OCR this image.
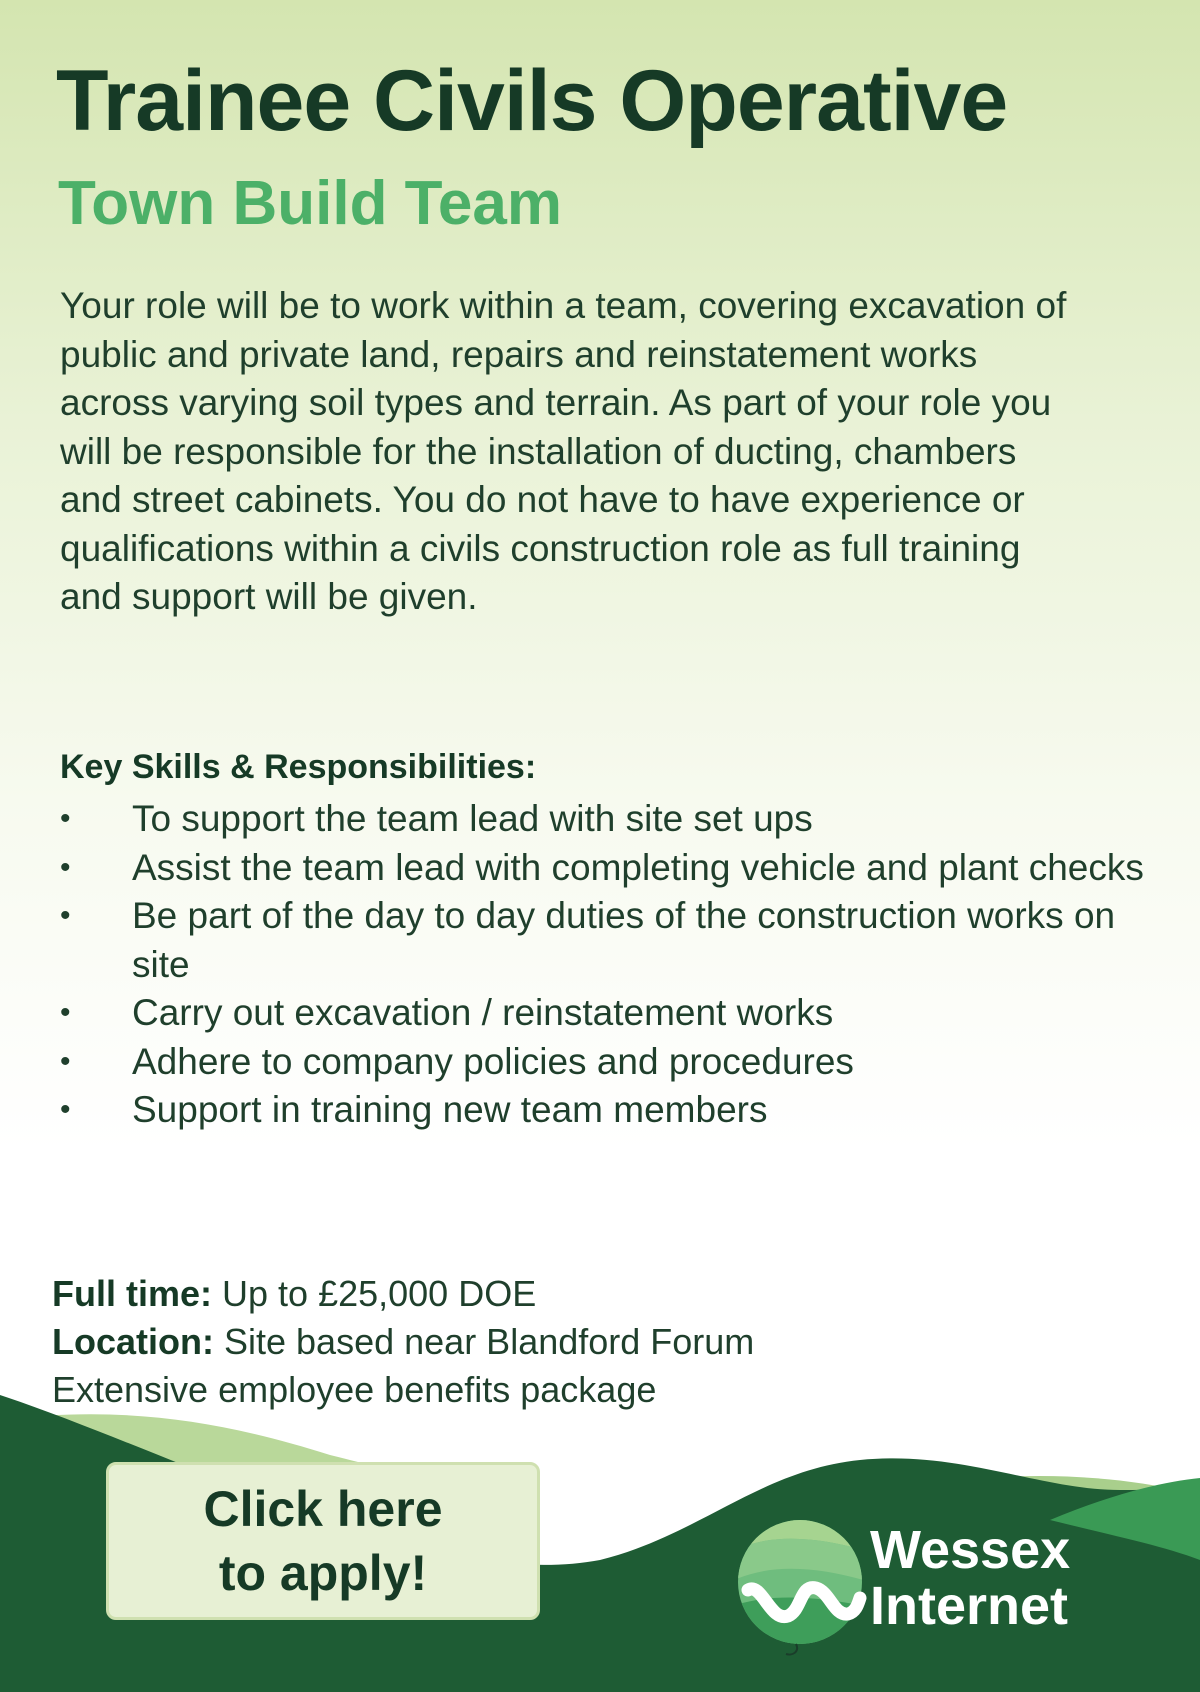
Trainee Civils Operative
Town Build Team

Your role will be to work within a team, covering excavation of public and private land, repairs and reinstatement works across varying soil types and terrain. As part of your role you will be responsible for the installation of ducting, chambers and street cabinets. You do not have to have experience or qualifications within a civils construction role as full training and support will be given.

Key Skills & Responsibilities:
• To support the team lead with site set ups
• Assist the team lead with completing vehicle and plant checks
• Be part of the day to day duties of the construction works on site
• Carry out excavation / reinstatement works
• Adhere to company policies and procedures
• Support in training new team members
Full time: Up to £25,000 DOE
Location: Site based near Blandford Forum
Extensive employee benefits package
Click here
to apply!	Wessex
Internet
